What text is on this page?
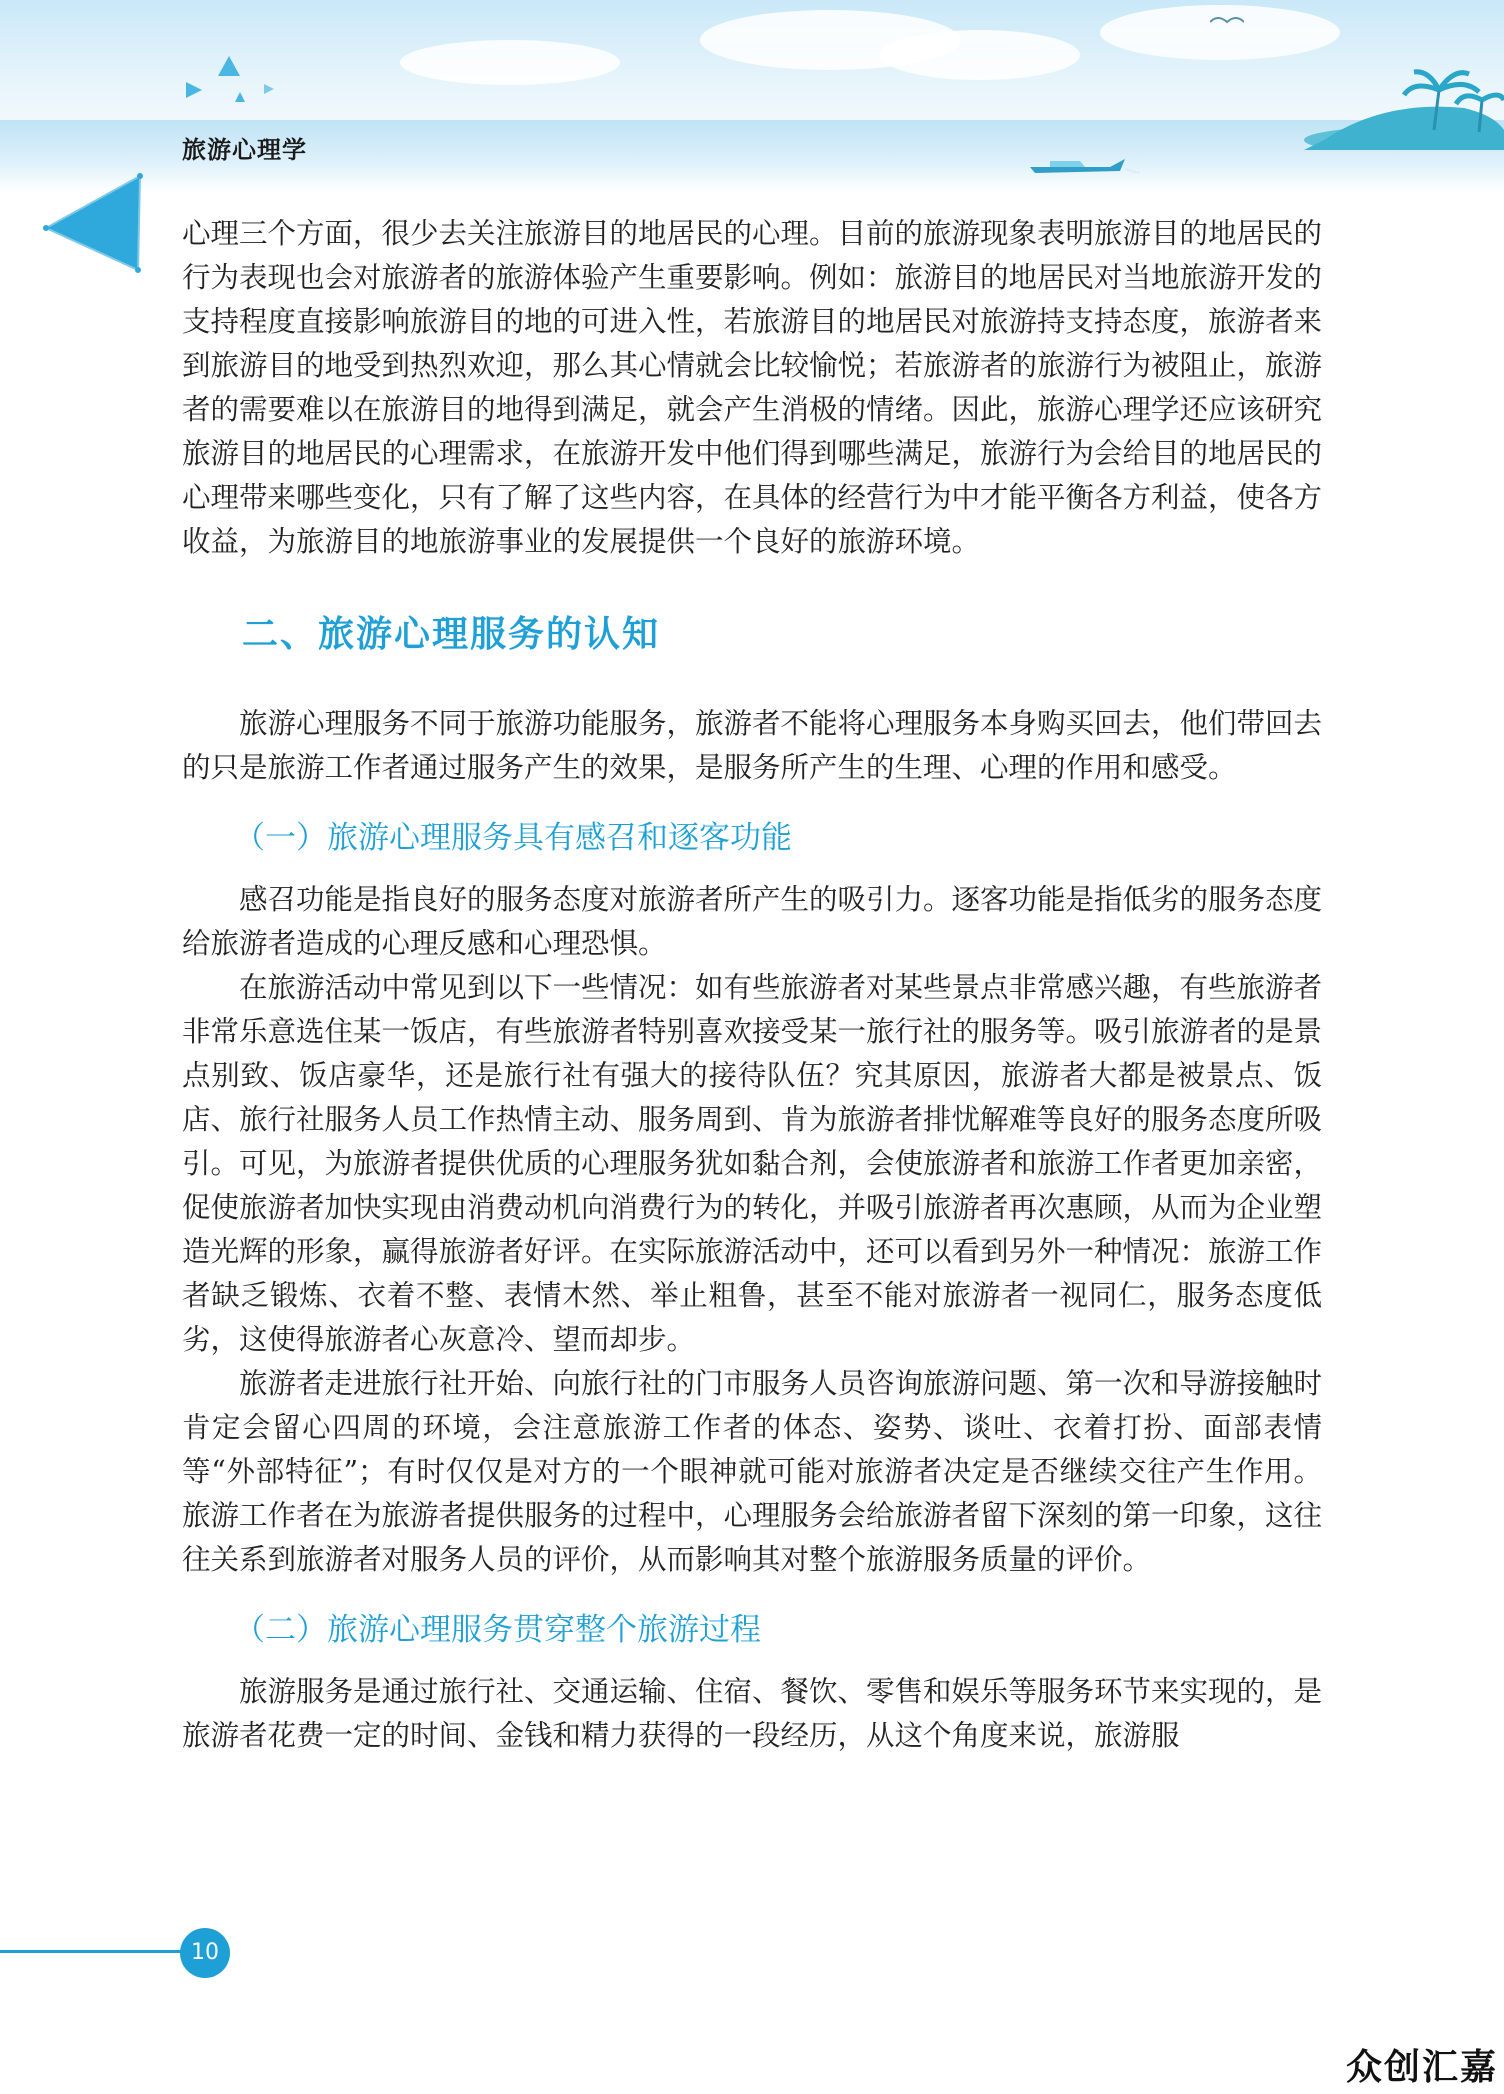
旅游心理学

心理三个方面，很少去关注旅游目的地居民的心理。目前的旅游现象表明旅游目的地居民的行为表现也会对旅游者的旅游体验产生重要影响。例如：旅游目的地居民对当地旅游开发的支持程度直接影响旅游目的地的可进入性，若旅游目的地居民对旅游持支持态度，旅游者来到旅游目的地受到热烈欢迎，那么其心情就会比较愉悦；若旅游者的旅游行为被阻止，旅游者的需要难以在旅游目的地得到满足，就会产生消极的情绪。因此，旅游心理学还应该研究旅游目的地居民的心理需求，在旅游开发中他们得到哪些满足，旅游行为会给目的地居民的心理带来哪些变化，只有了解了这些内容，在具体的经营行为中才能平衡各方利益，使各方收益，为旅游目的地旅游事业的发展提供一个良好的旅游环境。

二、旅游心理服务的认知

旅游心理服务不同于旅游功能服务，旅游者不能将心理服务本身购买回去，他们带回去的只是旅游工作者通过服务产生的效果，是服务所产生的生理、心理的作用和感受。

（一）旅游心理服务具有感召和逐客功能

感召功能是指良好的服务态度对旅游者所产生的吸引力。逐客功能是指低劣的服务态度给旅游者造成的心理反感和心理恐惧。

在旅游活动中常见到以下一些情况：如有些旅游者对某些景点非常感兴趣，有些旅游者非常乐意选住某一饭店，有些旅游者特别喜欢接受某一旅行社的服务等。吸引旅游者的是景点别致、饭店豪华，还是旅行社有强大的接待队伍？究其原因，旅游者大都是被景点、饭店、旅行社服务人员工作热情主动、服务周到、肯为旅游者排忧解难等良好的服务态度所吸引。可见，为旅游者提供优质的心理服务犹如黏合剂，会使旅游者和旅游工作者更加亲密，促使旅游者加快实现由消费动机向消费行为的转化，并吸引旅游者再次惠顾，从而为企业塑造光辉的形象，赢得旅游者好评。在实际旅游活动中，还可以看到另外一种情况：旅游工作者缺乏锻炼、衣着不整、表情木然、举止粗鲁，甚至不能对旅游者一视同仁，服务态度低劣，这使得旅游者心灰意冷、望而却步。

旅游者走进旅行社开始、向旅行社的门市服务人员咨询旅游问题、第一次和导游接触时肯定会留心四周的环境，会注意旅游工作者的体态、姿势、谈吐、衣着打扮、面部表情等“外部特征”；有时仅仅是对方的一个眼神就可能对旅游者决定是否继续交往产生作用。旅游工作者在为旅游者提供服务的过程中，心理服务会给旅游者留下深刻的第一印象，这往往关系到旅游者对服务人员的评价，从而影响其对整个旅游服务质量的评价。

（二）旅游心理服务贯穿整个旅游过程

旅游服务是通过旅行社、交通运输、住宿、餐饮、零售和娱乐等服务环节来实现的，是旅游者花费一定的时间、金钱和精力获得的一段经历，从这个角度来说，旅游服

10
众创汇嘉
